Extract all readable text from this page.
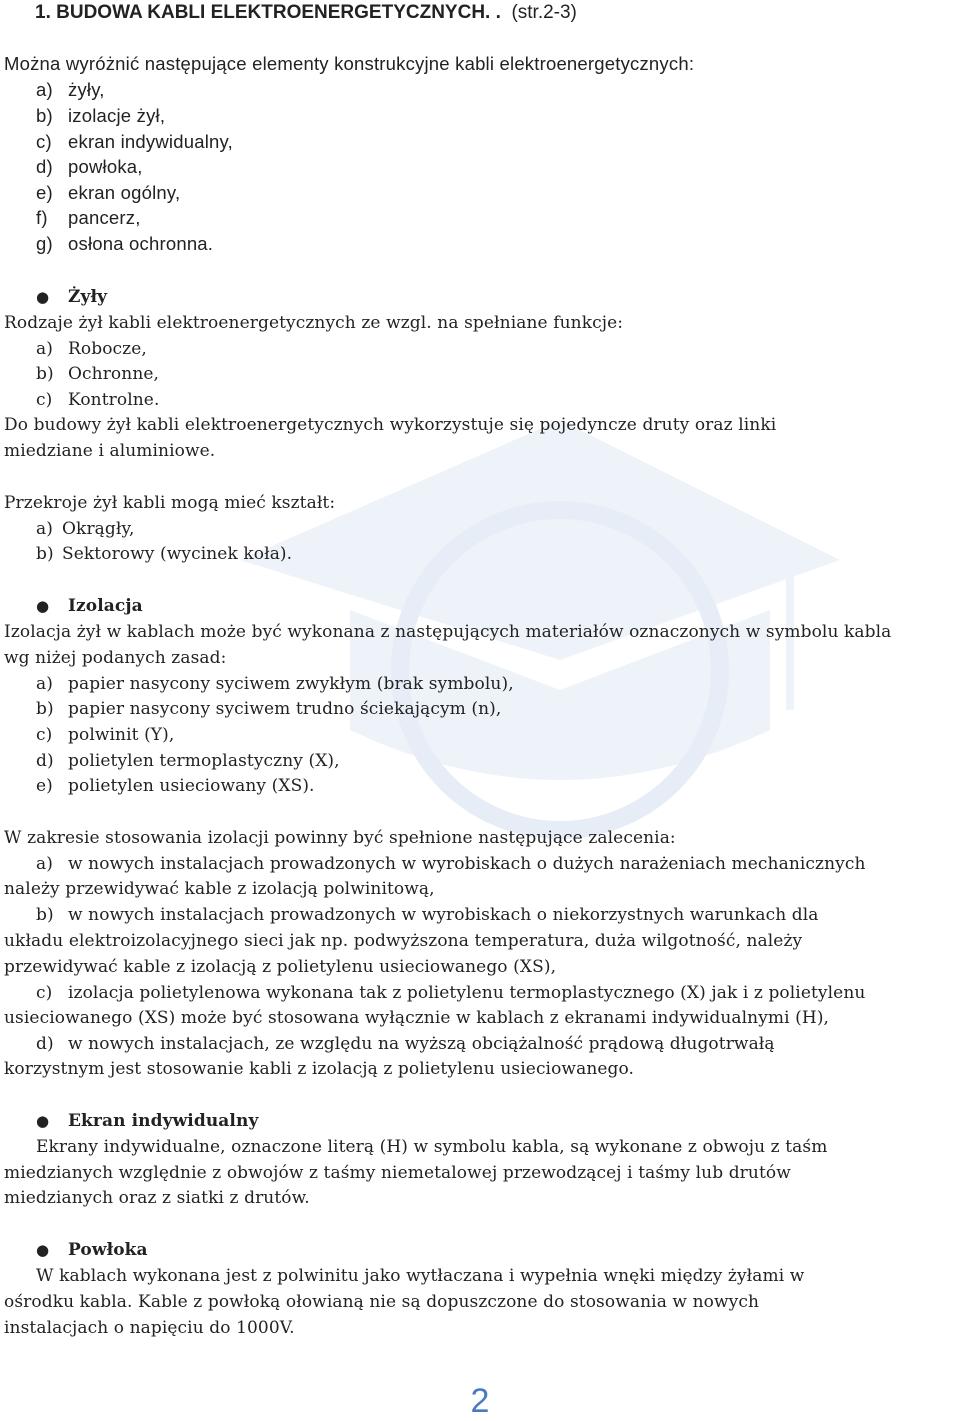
1. BUDOWA KABLI ELEKTROENERGETYCZNYCH. . (str.2-3)
Można wyróżnić następujące elementy konstrukcyjne kabli elektroenergetycznych:
a) żyły,
b) izolacje żył,
c) ekran indywidualny,
d) powłoka,
e) ekran ogólny,
f) pancerz,
g) osłona ochronna.
● Żyły
Rodzaje żył kabli elektroenergetycznych ze wzgl. na spełniane funkcje:
a) Robocze,
b) Ochronne,
c) Kontrolne.
Do budowy żył kabli elektroenergetycznych wykorzystuje się pojedyncze druty oraz linki
miedziane i aluminiowe.
Przekroje żył kabli mogą mieć kształt:
a) Okrągły,
b) Sektorowy (wycinek koła).
● Izolacja
Izolacja żył w kablach może być wykonana z następujących materiałów oznaczonych w symbolu kabla
wg niżej podanych zasad:
a) papier nasycony syciwem zwykłym (brak symbolu),
b) papier nasycony syciwem trudno ściekającym (n),
c) polwinit (Y),
d) polietylen termoplastyczny (X),
e) polietylen usieciowany (XS).
W zakresie stosowania izolacji powinny być spełnione następujące zalecenia:
a) w nowych instalacjach prowadzonych w wyrobiskach o dużych narażeniach mechanicznych
należy przewidywać kable z izolacją polwinitową,
b) w nowych instalacjach prowadzonych w wyrobiskach o niekorzystnych warunkach dla
układu elektroizolacyjnego sieci jak np. podwyższona temperatura, duża wilgotność, należy
przewidywać kable z izolacją z polietylenu usieciowanego (XS),
c) izolacja polietylenowa wykonana tak z polietylenu termoplastycznego (X) jak i z polietylenu
usieciowanego (XS) może być stosowana wyłącznie w kablach z ekranami indywidualnymi (H),
d) w nowych instalacjach, ze względu na wyższą obciążalność prądową długotrwałą
korzystnym jest stosowanie kabli z izolacją z polietylenu usieciowanego.
● Ekran indywidualny
Ekrany indywidualne, oznaczone literą (H) w symbolu kabla, są wykonane z obwoju z taśm
miedzianych względnie z obwojów z taśmy niemetalowej przewodzącej i taśmy lub drutów
miedzianych oraz z siatki z drutów.
● Powłoka
W kablach wykonana jest z polwinitu jako wytłaczana i wypełnia wnęki między żyłami w
ośrodku kabla. Kable z powłoką ołowianą nie są dopuszczone do stosowania w nowych
instalacjach o napięciu do 1000V.
2
